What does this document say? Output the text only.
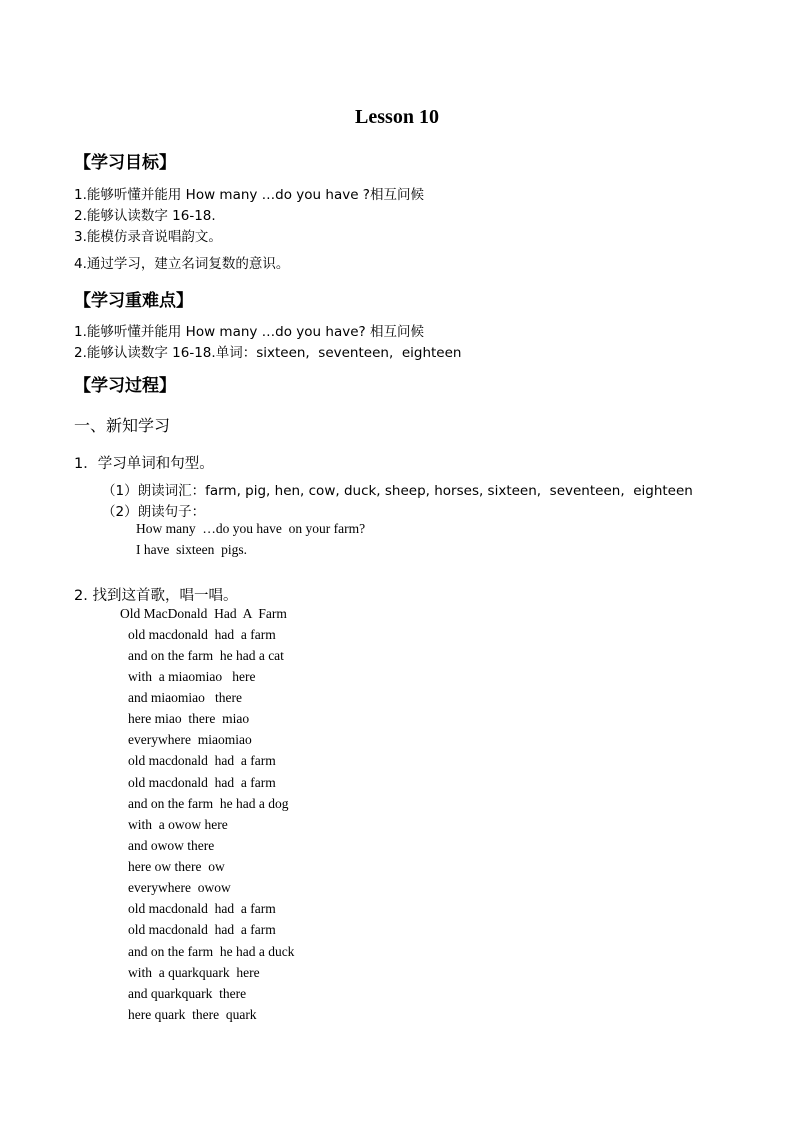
Lesson 10
【学习目标】
1.能够听懂并能用 How many …do you have ?相互问候
2.能够认读数字 16-18.
3.能模仿录音说唱韵文。
4.通过学习，建立名词复数的意识。
【学习重难点】
1.能够听懂并能用 How many …do you have? 相互问候
2.能够认读数字 16-18.单词：sixteen,  seventeen,  eighteen
【学习过程】
一、新知学习
1．学习单词和句型。
（1）朗读词汇：farm, pig, hen, cow, duck, sheep, horses, sixteen,  seventeen,  eighteen
（2）朗读句子：
How many  …do you have  on your farm?
I have  sixteen  pigs.
2. 找到这首歌，唱一唱。
Old MacDonald  Had  A  Farm
old macdonald  had  a farm
and on the farm  he had a cat
with  a miaomiao   here
and miaomiao   there
here miao  there  miao
everywhere  miaomiao
old macdonald  had  a farm
old macdonald  had  a farm
and on the farm  he had a dog
with  a owow here
and owow there
here ow there  ow
everywhere  owow
old macdonald  had  a farm
old macdonald  had  a farm
and on the farm  he had a duck
with  a quarkquark  here
and quarkquark  there
here quark  there  quark
